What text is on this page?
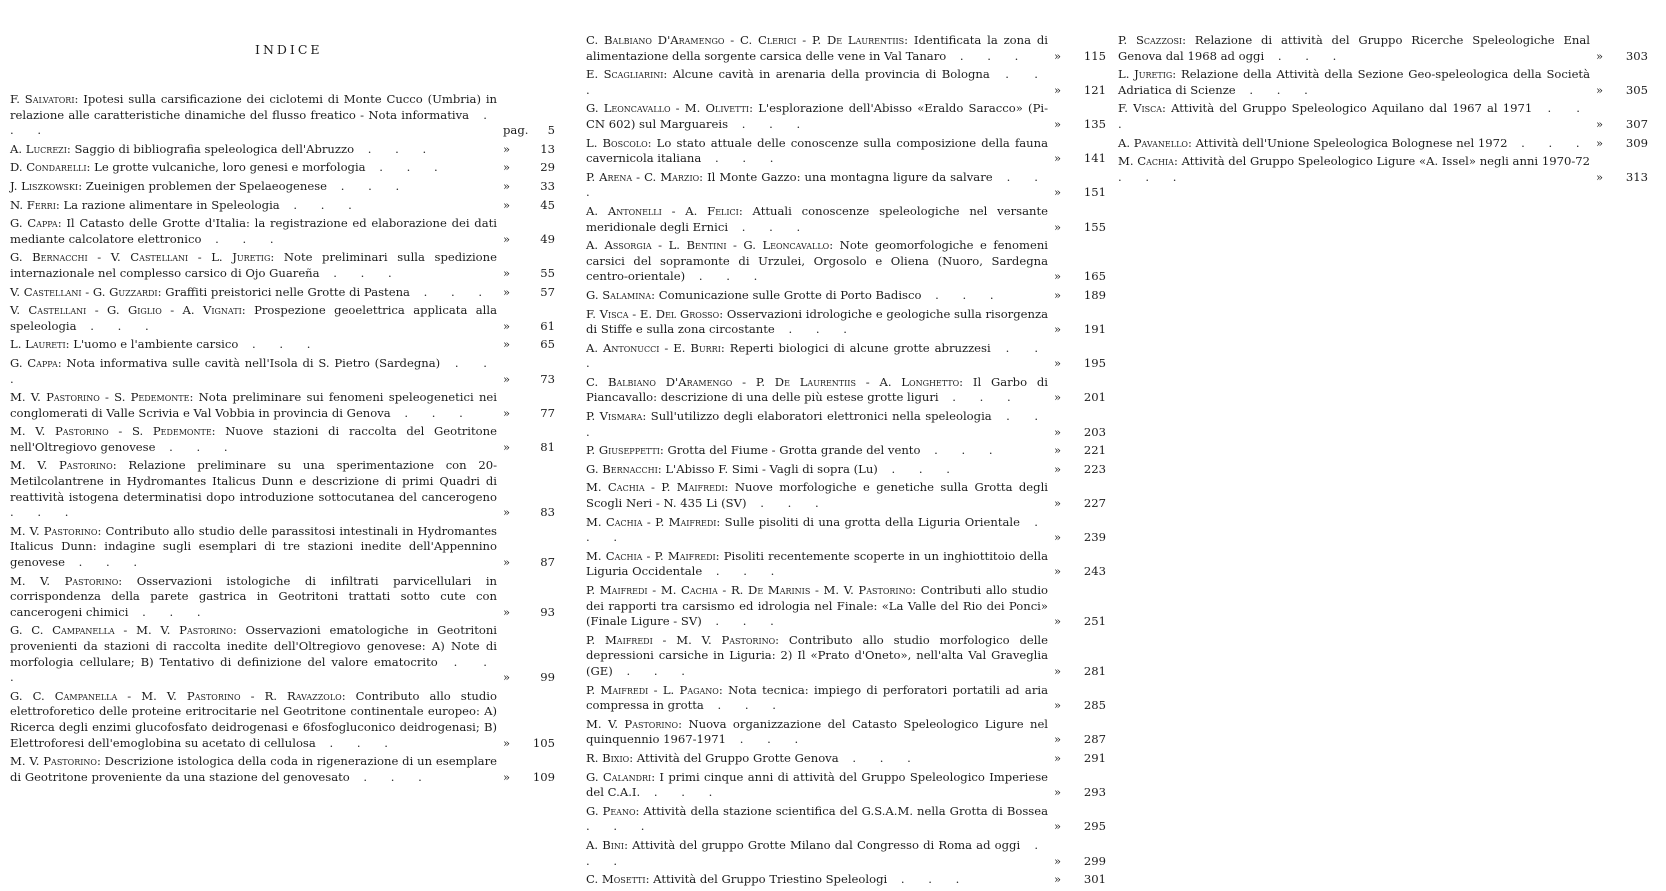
INDICE
F. Salvatori: Ipotesi sulla carsificazione dei ciclotemi di Monte Cucco (Umbria) in relazione alle caratteristiche dinamiche del flusso freatico - Nota informativa . . .	pag.	5
A. Lucrezi: Saggio di bibliografia speleologica dell'Abruzzo . . .	»	13
D. Condarelli: Le grotte vulcaniche, loro genesi e morfologia . . .	»	29
J. Liszkowski: Zueinigen problemen der Spelaeogenese . . .	»	33
N. Ferri: La razione alimentare in Speleologia . . .	»	45
G. Cappa: Il Catasto delle Grotte d'Italia: la registrazione ed elaborazione dei dati mediante calcolatore elettronico . . .	»	49
G. Bernacchi - V. Castellani - L. Juretig: Note preliminari sulla spedizione internazionale nel complesso carsico di Ojo Guareña . . .	»	55
V. Castellani - G. Guzzardi: Graffiti preistorici nelle Grotte di Pastena . . . »	57
V. Castellani - G. Giglio - A. Vignati: Prospezione geoelettrica applicata alla speleologia . . .	»	61
L. Laureti: L'uomo e l'ambiente carsico . . .	»	65
G. Cappa: Nota informativa sulle cavità nell'Isola di S. Pietro (Sardegna) . . .	»	73
M. V. Pastorino - S. Pedemonte: Nota preliminare sui fenomeni speleogenetici nei conglomerati di Valle Scrivia e Val Vobbia in provincia di Genova . . .	»	77
M. V. Pastorino - S. Pedemonte: Nuove stazioni di raccolta del Geotritone nell'Oltregiovo genovese . . .	»	81
M. V. Pastorino: Relazione preliminare su una sperimentazione con 20-Metilcolantrene in Hydromantes Italicus Dunn e descrizione di primi Quadri di reattività istogena determinatisi dopo introduzione sottocutanea del cancerogeno . . .	»	83
M. V. Pastorino: Contributo allo studio delle parassitosi intestinali in Hydromantes Italicus Dunn: indagine sugli esemplari di tre stazioni inedite dell'Appennino genovese . . .	»	87
M. V. Pastorino: Osservazioni istologiche di infiltrati parvicellulari in corrispondenza della parete gastrica in Geotritoni trattati sotto cute con cancerogeni chimici . . .	»	93
G. C. Campanella - M. V. Pastorino: Osservazioni ematologiche in Geotritoni provenienti da stazioni di raccolta inedite dell'Oltregiovo genovese: A) Note di morfologia cellulare; B) Tentativo di definizione del valore ematocrito . . .	»	99
G. C. Campanella - M. V. Pastorino - R. Ravazzolo: Contributo allo studio elettroforetico delle proteine eritrocitarie nel Geotritone continentale europeo: A) Ricerca degli enzimi glucofosfato deidrogenasi e 6fosfogluconico deidrogenasi; B) Elettroforesi dell'emoglobina su acetato di cellulosa . . .	» 105
M. V. Pastorino: Descrizione istologica della coda in rigenerazione di un esemplare di Geotritone proveniente da una stazione del genovesato . . .	» 109
C. Balbiano D'Aramengo - C. Clerici - P. De Laurentiis: Identificata la zona di alimentazione della sorgente carsica delle vene in Val Tanaro . . .	» 115
E. Scagliarini: Alcune cavità in arenaria della provincia di Bologna . . .	» 121
G. Leoncavallo - M. Olivetti: L'esplorazione dell'Abisso «Eraldo Saracco» (Pi-CN 602) sul Marguareis . . .	» 135
L. Boscolo: Lo stato attuale delle conoscenze sulla composizione della fauna cavernicola italiana . . .	» 141
P. Arena - C. Marzio: Il Monte Gazzo: una montagna ligure da salvare . . .	» 151
A. Antonelli - A. Felici: Attuali conoscenze speleologiche nel versante meridionale degli Ernici . . .	» 155
A. Assorgia - L. Bentini - G. Leoncavallo: Note geomorfologiche e fenomeni carsici del sopramonte di Urzulei, Orgosolo e Oliena (Nuoro, Sardegna centro-orientale) . . .	» 165
G. Salamina: Comunicazione sulle Grotte di Porto Badisco . . .	» 189
F. Visca - E. Del Grosso: Osservazioni idrologiche e geologiche sulla risorgenza di Stiffe e sulla zona circostante . . .	» 191
A. Antonucci - E. Burri: Reperti biologici di alcune grotte abruzzesi . . .	» 195
C. Balbiano D'Aramengo - P. De Laurentiis - A. Longhetto: Il Garbo di Piancavallo: descrizione di una delle più estese grotte liguri . . .	» 201
P. Vismara: Sull'utilizzo degli elaboratori elettronici nella speleologia . . .	» 203
P. Giuseppetti: Grotta del Fiume - Grotta grande del vento . . .	» 221
G. Bernacchi: L'Abisso F. Simi - Vagli di sopra (Lu) . . .	» 223
M. Cachia - P. Maifredi: Nuove morfologiche e genetiche sulla Grotta degli Scogli Neri - N. 435 Li (SV) . . .	» 227
M. Cachia - P. Maifredi: Sulle pisoliti di una grotta della Liguria Orientale . . .	» 239
M. Cachia - P. Maifredi: Pisoliti recentemente scoperte in un inghiottitoio della Liguria Occidentale . . .	» 243
P. Maifredi - M. Cachia - R. De Marinis - M. V. Pastorino: Contributi allo studio dei rapporti tra carsismo ed idrologia nel Finale: «La Valle del Rio dei Ponci» (Finale Ligure - SV) . . .	» 251
P. Maifredi - M. V. Pastorino: Contributo allo studio morfologico delle depressioni carsiche in Liguria: 2) Il «Prato d'Oneto», nell'alta Val Graveglia (GE) . . .	» 281
P. Maifredi - L. Pagano: Nota tecnica: impiego di perforatori portatili ad aria compressa in grotta . . .	» 285
M. V. Pastorino: Nuova organizzazione del Catasto Speleologico Ligure nel quinquennio 1967-1971 . . .	» 287
R. Bixio: Attività del Gruppo Grotte Genova . . .	» 291
G. Calandri: I primi cinque anni di attività del Gruppo Speleologico Imperiese del C.A.I. . . .	» 293
G. Peano: Attività della stazione scientifica del G.S.A.M. nella Grotta di Bossea . . .	» 295
A. Bini: Attività del gruppo Grotte Milano dal Congresso di Roma ad oggi . . .	» 299
C. Mosetti: Attività del Gruppo Triestino Speleologi . . .	» 301
P. Scazzosi: Relazione di attività del Gruppo Ricerche Speleologiche Enal Genova dal 1968 ad oggi . . .	» 303
L. Juretig: Relazione della Attività della Sezione Geo-speleologica della Società Adriatica di Scienze . . .	» 305
F. Visca: Attività del Gruppo Speleologico Aquilano dal 1967 al 1971 . . .	» 307
A. Pavanello: Attività dell'Unione Speleologica Bolognese nel 1972 . . . » 309
M. Cachia: Attività del Gruppo Speleologico Ligure «A. Issel» negli anni 1970-72 . . .	» 313
